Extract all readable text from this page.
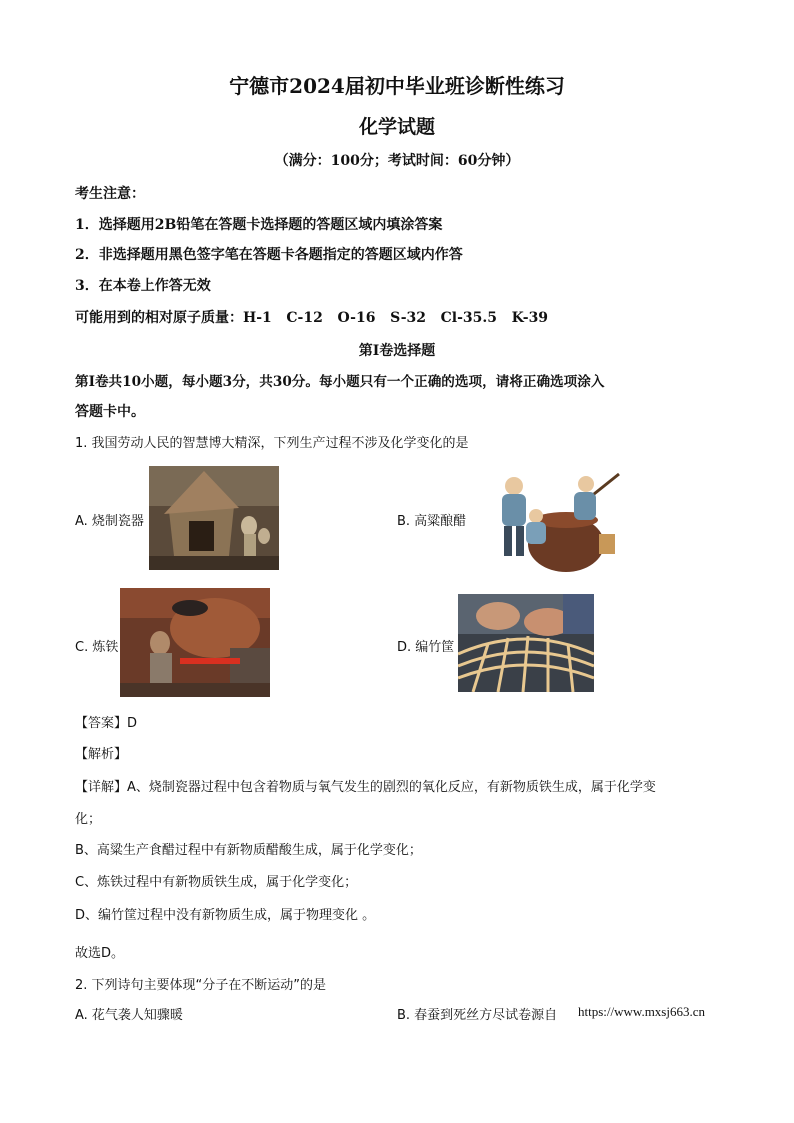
宁德市2024届初中毕业班诊断性练习
化学试题
（满分：100分；考试时间：60分钟）
考生注意：
1．选择题用2B铅笔在答题卡选择题的答题区域内填涂答案
2．非选择题用黑色签字笔在答题卡各题指定的答题区域内作答
3．在本卷上作答无效
可能用到的相对原子质量：H-1   C-12   O-16   S-32   Cl-35.5   K-39
第Ⅰ卷选择题
第Ⅰ卷共10小题，每小题3分，共30分。每小题只有一个正确的选项，请将正确选项涂入
答题卡中。
1. 我国劳动人民的智慧博大精深，下列生产过程不涉及化学变化的是
A. 烧制瓷器	B. 高粱酿醋
C. 炼铁	D. 编竹筐
【答案】D
【解析】
【详解】A、烧制瓷器过程中包含着物质与氧气发生的剧烈的氧化反应，有新物质铁生成，属于化学变
化；
B、高粱生产食醋过程中有新物质醋酸生成，属于化学变化；
C、炼铁过程中有新物质铁生成，属于化学变化；
D、编竹筐过程中没有新物质生成，属于物理变化 。
故选D。
2. 下列诗句主要体现“分子在不断运动”的是
A. 花气袭人知骤暖	B. 春蚕到死丝方尽试卷源自 https://www.mxsj663.cn
